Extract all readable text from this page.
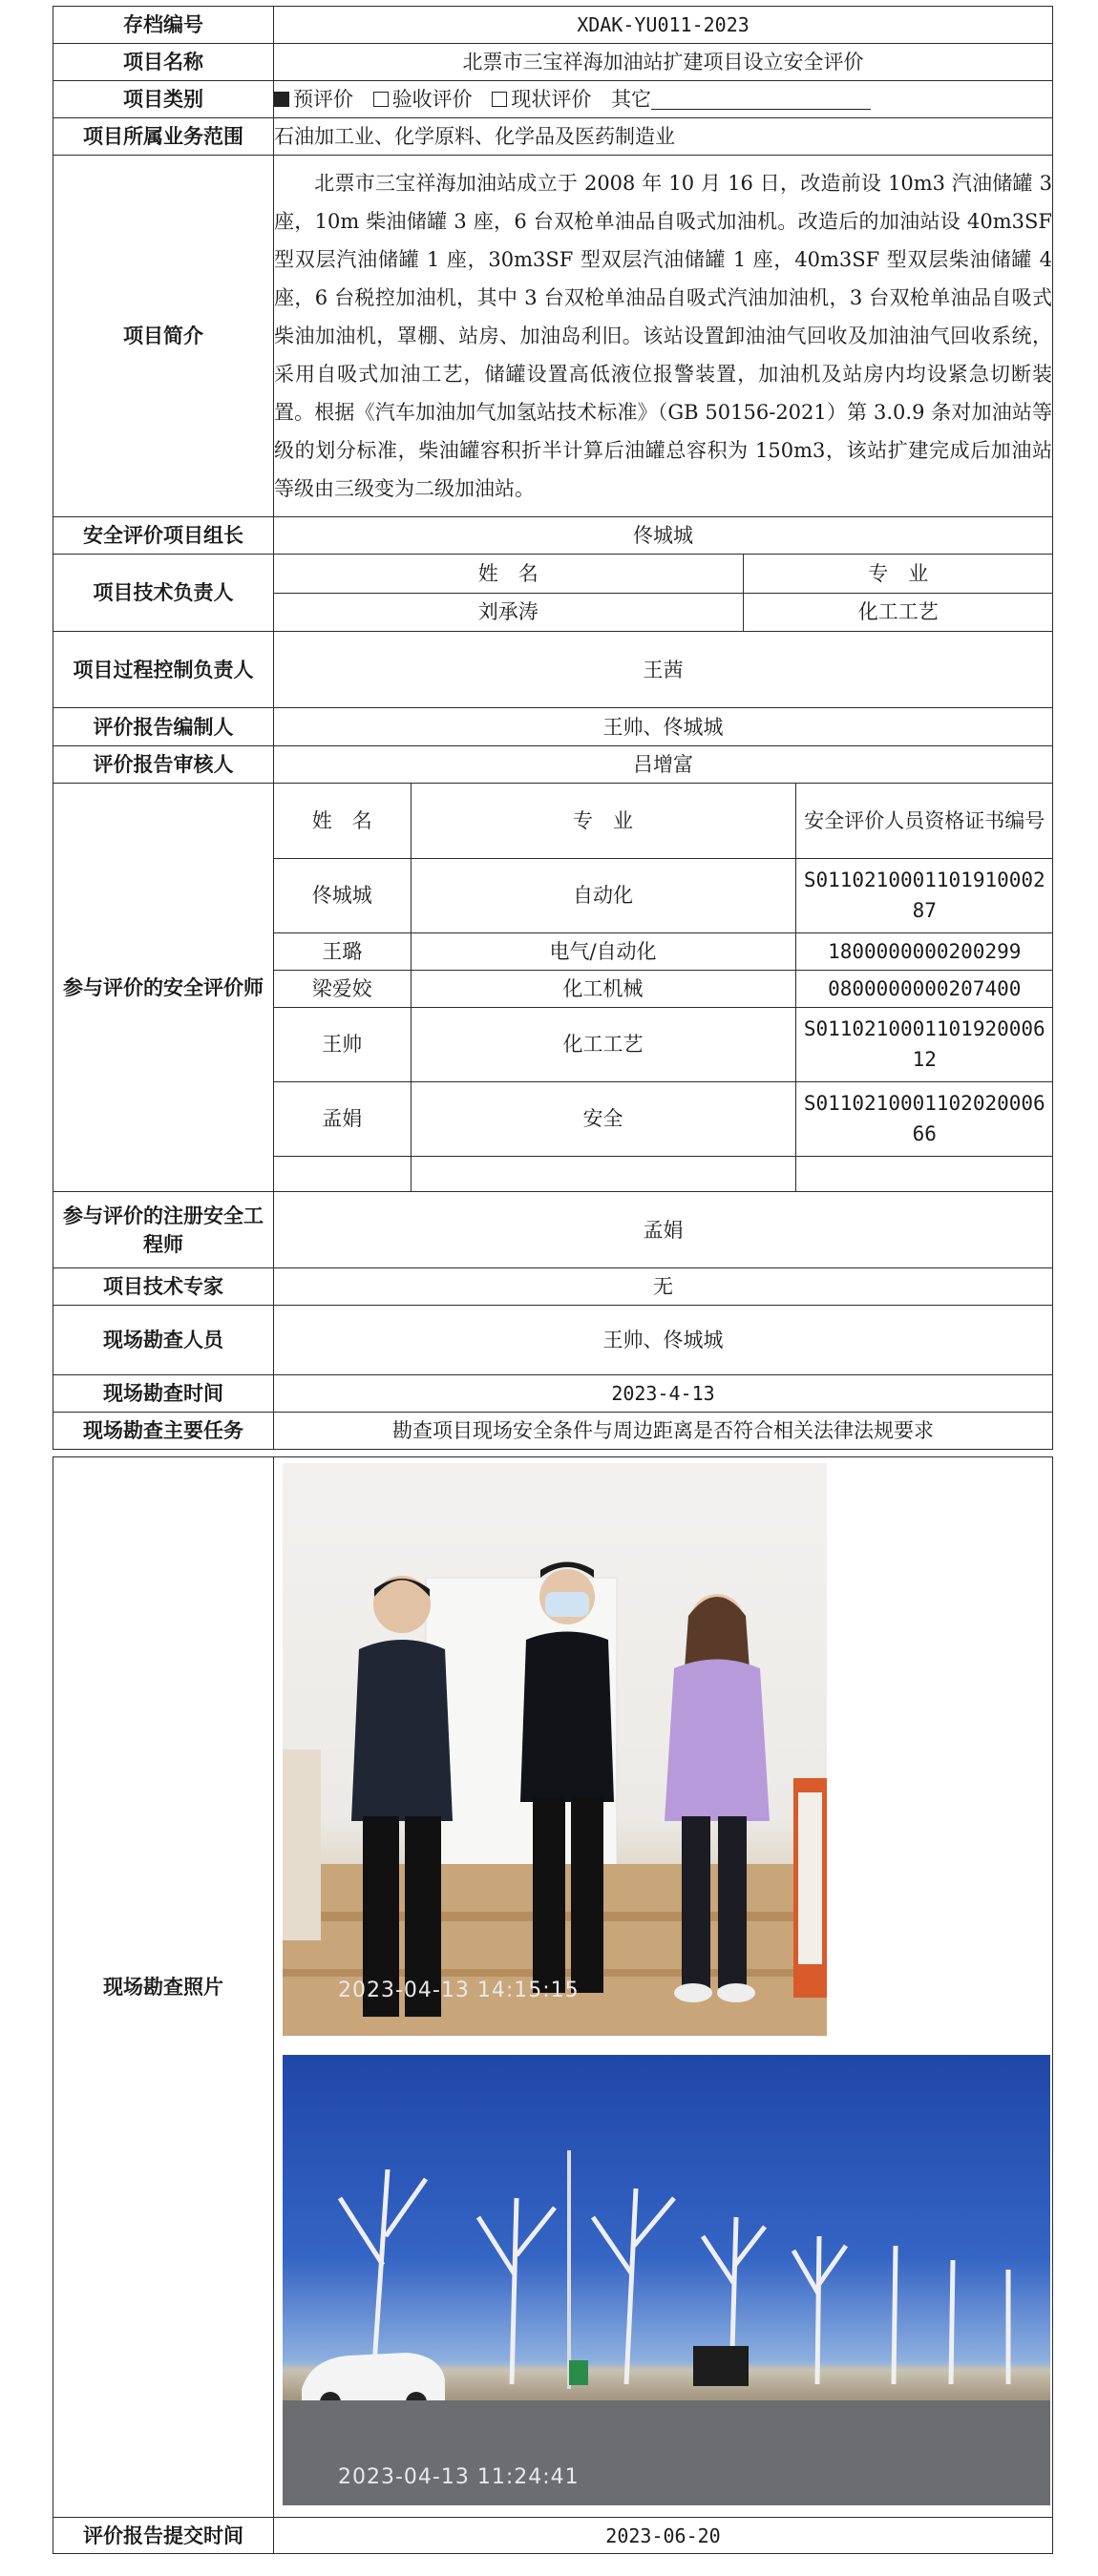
存档编号	XDAK-YU011-2023
项目名称	北票市三宝祥海加油站扩建项目设立安全评价
项目类别	预评价 验收评价 现状评价 其它
项目所属业务范围	石油加工业、化学原料、化学品及医药制造业
项目简介	北票市三宝祥海加油站成立于 2008 年 10 月 16 日，改造前设 10m3 汽油储罐 3 座，10m 柴油储罐 3 座，6 台双枪单油品自吸式加油机。改造后的加油站设 40m3SF 型双层汽油储罐 1 座，30m3SF 型双层汽油储罐 1 座，40m3SF 型双层柴油储罐 4 座，6 台税控加油机，其中 3 台双枪单油品自吸式汽油加油机，3 台双枪单油品自吸式柴油加油机，罩棚、站房、加油岛利旧。该站设置卸油油气回收及加油油气回收系统，采用自吸式加油工艺，储罐设置高低液位报警装置，加油机及站房内均设紧急切断装置。根据《汽车加油加气加氢站技术标准》（GB 50156-2021）第 3.0.9 条对加油站等级的划分标准，柴油罐容积折半计算后油罐总容积为 150m3，该站扩建完成后加油站等级由三级变为二级加油站。
安全评价项目组长	佟城城
项目技术负责人	
姓　名	专　业
刘承涛	化工工艺

项目过程控制负责人	王茜
评价报告编制人	王帅、佟城城
评价报告审核人	吕增富
参与评价的安全评价师	
姓　名	专　业	安全评价人员资格证书编号
佟城城	自动化	S011021000110191000287
王璐	电气/自动化	1800000000200299
梁爱姣	化工机械	0800000000207400
王帅	化工工艺	S011021000110192000612
孟娟	安全	S011021000110202000666

参与评价的注册安全工程师	孟娟
项目技术专家	无
现场勘查人员	王帅、佟城城
现场勘查时间	2023-4-13
现场勘查主要任务	勘查项目现场安全条件与周边距离是否符合相关法律法规要求

现场勘查照片	2023-04-13 14:15:15
2023-04-13 11:24:41

评价报告提交时间	2023-06-20
